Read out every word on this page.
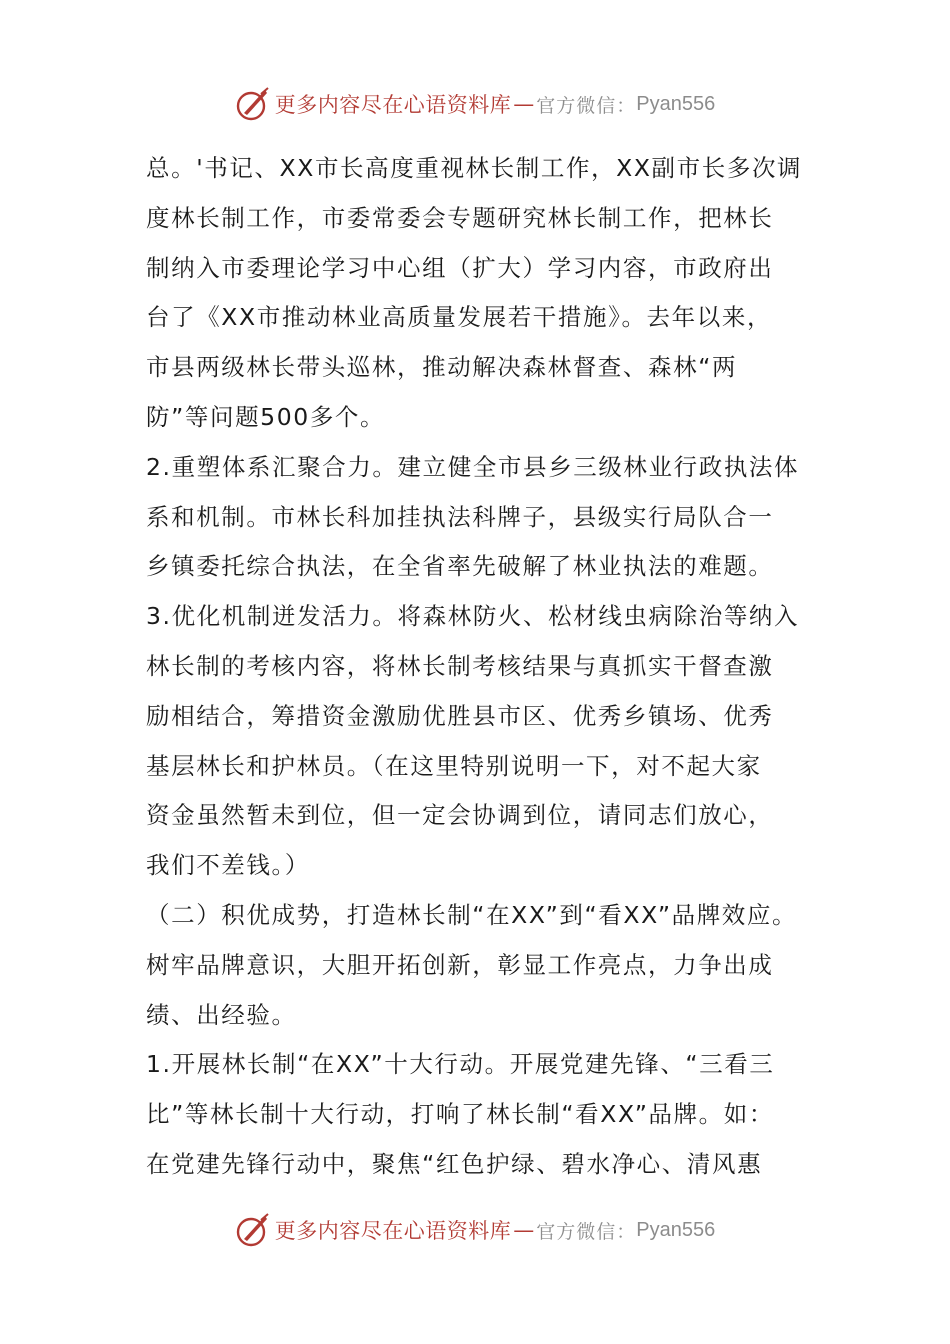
更多内容尽在心语资料库 — 官方微信： Pyan556
总。'书记、XX市长高度重视林长制工作，XX副市长多次调
度林长制工作，市委常委会专题研究林长制工作，把林长
制纳入市委理论学习中心组（扩大）学习内容，市政府出
台了《XX市推动林业高质量发展若干措施》。去年以来，
市县两级林长带头巡林，推动解决森林督查、森林“两
防”等问题500多个。
2.重塑体系汇聚合力。建立健全市县乡三级林业行政执法体
系和机制。市林长科加挂执法科牌子，县级实行局队合一
乡镇委托综合执法，在全省率先破解了林业执法的难题。
3.优化机制迸发活力。将森林防火、松材线虫病除治等纳入
林长制的考核内容，将林长制考核结果与真抓实干督查激
励相结合，筹措资金激励优胜县市区、优秀乡镇场、优秀
基层林长和护林员。（在这里特别说明一下，对不起大家
资金虽然暂未到位，但一定会协调到位，请同志们放心，
我们不差钱。）
（二）积优成势，打造林长制“在XX”到“看XX”品牌效应。
树牢品牌意识，大胆开拓创新，彰显工作亮点，力争出成
绩、出经验。
1.开展林长制“在XX”十大行动。开展党建先锋、“三看三
比”等林长制十大行动，打响了林长制“看XX”品牌。如：
在党建先锋行动中，聚焦“红色护绿、碧水净心、清风惠
更多内容尽在心语资料库 — 官方微信： Pyan556
